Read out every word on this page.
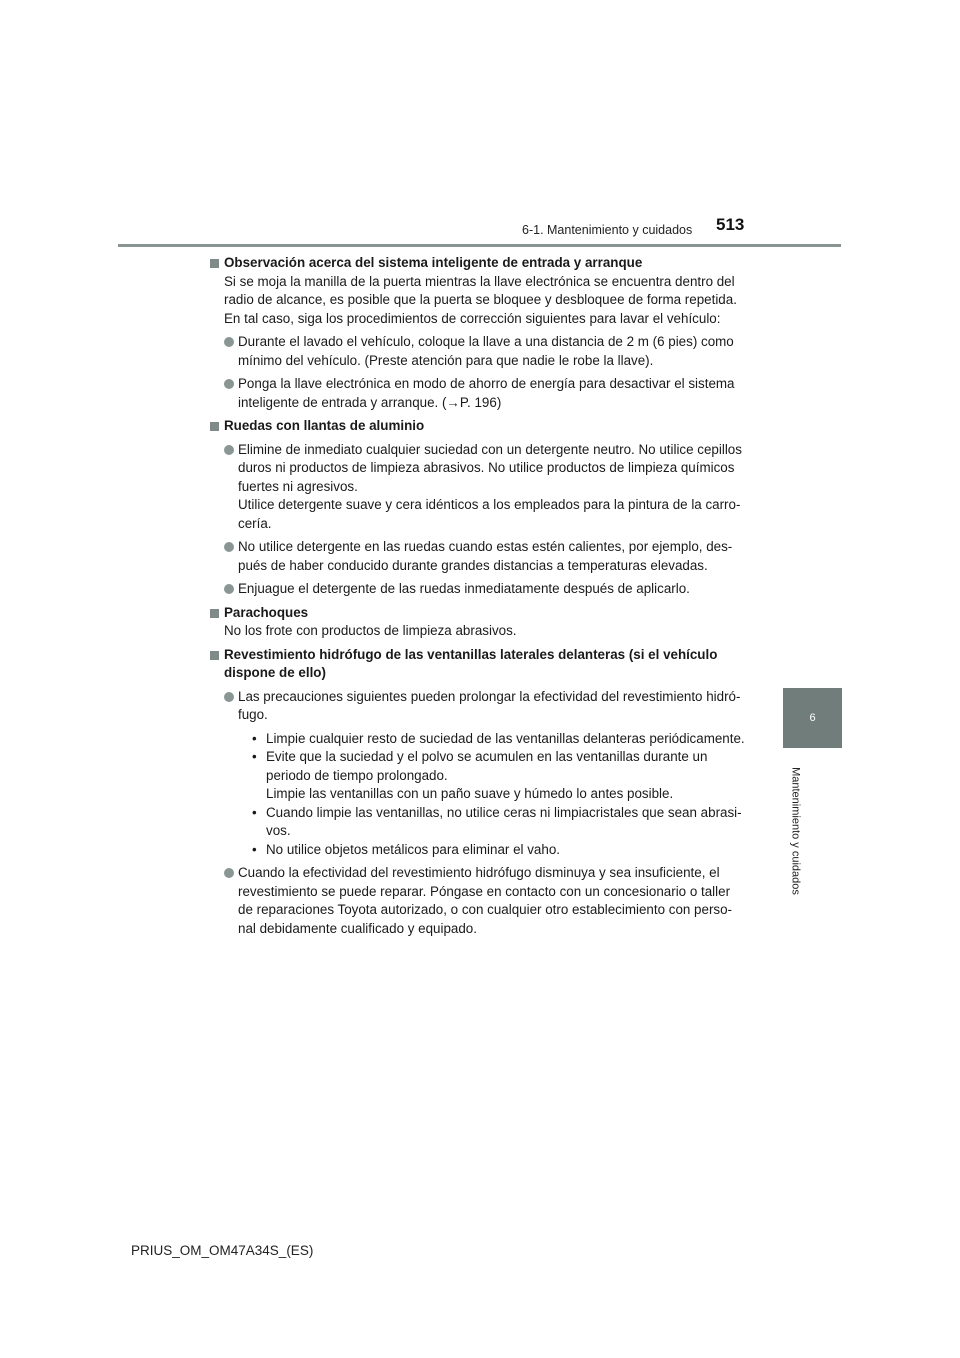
6-1. Mantenimiento y cuidados 513
6
Mantenimiento y cuidados
Observación acerca del sistema inteligente de entrada y arranque
Si se moja la manilla de la puerta mientras la llave electrónica se encuentra dentro del
radio de alcance, es posible que la puerta se bloquee y desbloquee de forma repetida.
En tal caso, siga los procedimientos de corrección siguientes para lavar el vehículo:
Durante el lavado el vehículo, coloque la llave a una distancia de 2 m (6 pies) como
mínimo del vehículo. (Preste atención para que nadie le robe la llave).
Ponga la llave electrónica en modo de ahorro de energía para desactivar el sistema
inteligente de entrada y arranque. (→P. 196)
Ruedas con llantas de aluminio
Elimine de inmediato cualquier suciedad con un detergente neutro. No utilice cepillos
duros ni productos de limpieza abrasivos. No utilice productos de limpieza químicos
fuertes ni agresivos.
Utilice detergente suave y cera idénticos a los empleados para la pintura de la carro-
cería.
No utilice detergente en las ruedas cuando estas estén calientes, por ejemplo, des-
pués de haber conducido durante grandes distancias a temperaturas elevadas.
Enjuague el detergente de las ruedas inmediatamente después de aplicarlo.
Parachoques
No los frote con productos de limpieza abrasivos.
Revestimiento hidrófugo de las ventanillas laterales delanteras (si el vehículo
dispone de ello)
Las precauciones siguientes pueden prolongar la efectividad del revestimiento hidró-
fugo.
• Limpie cualquier resto de suciedad de las ventanillas delanteras periódicamente.
• Evite que la suciedad y el polvo se acumulen en las ventanillas durante un
periodo de tiempo prolongado.
Limpie las ventanillas con un paño suave y húmedo lo antes posible.
• Cuando limpie las ventanillas, no utilice ceras ni limpiacristales que sean abrasi-
vos.
• No utilice objetos metálicos para eliminar el vaho.
Cuando la efectividad del revestimiento hidrófugo disminuya y sea insuficiente, el
revestimiento se puede reparar. Póngase en contacto con un concesionario o taller
de reparaciones Toyota autorizado, o con cualquier otro establecimiento con perso-
nal debidamente cualificado y equipado.
PRIUS_OM_OM47A34S_(ES)
